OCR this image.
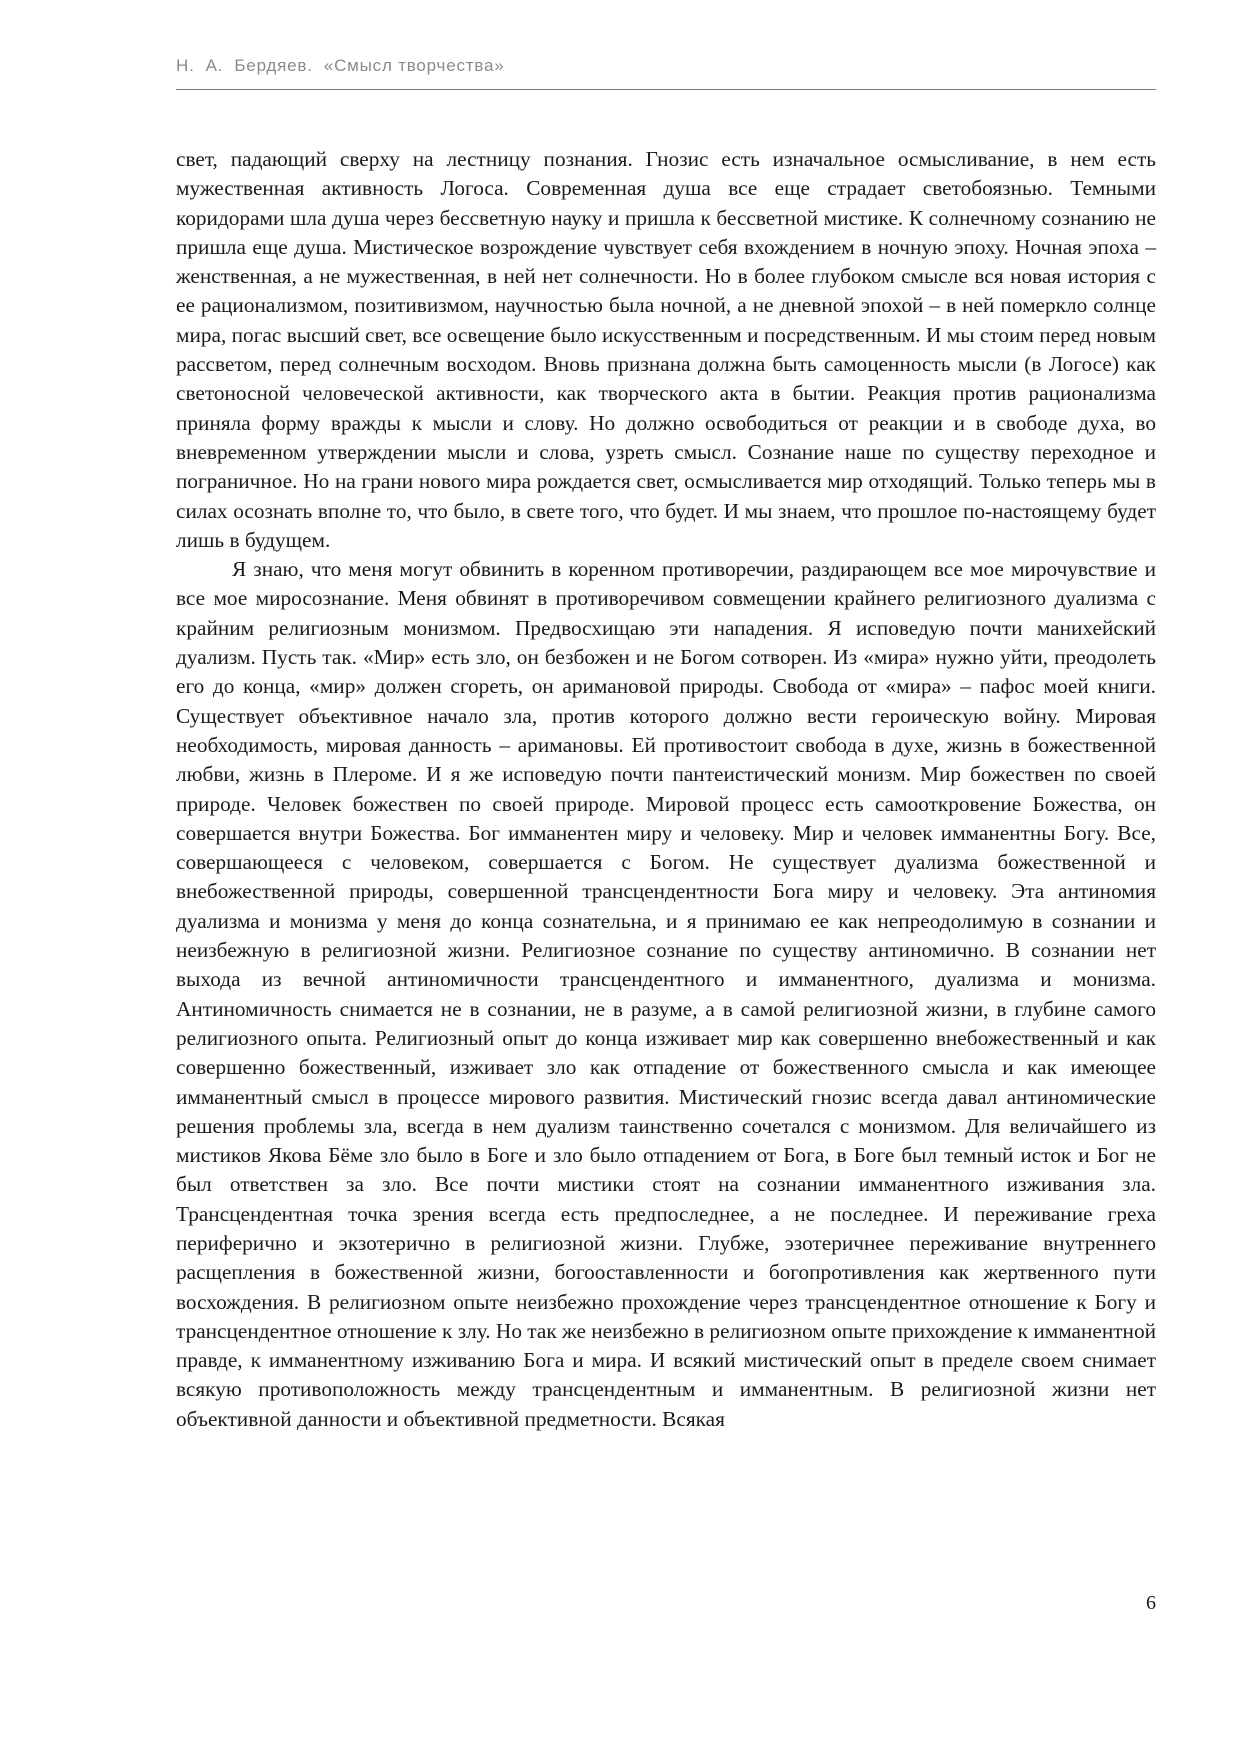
Н.  А.  Бердяев.  «Смысл творчества»

свет, падающий сверху на лестницу познания. Гнозис есть изначальное осмысливание, в нем есть мужественная активность Логоса. Современная душа все еще страдает светобоязнью. Темными коридорами шла душа через бессветную науку и пришла к бессветной мистике. К солнечному сознанию не пришла еще душа. Мистическое возрождение чувствует себя вхождением в ночную эпоху. Ночная эпоха – женственная, а не мужественная, в ней нет солнечности. Но в более глубоком смысле вся новая история с ее рационализмом, позитивизмом, научностью была ночной, а не дневной эпохой – в ней померкло солнце мира, погас высший свет, все освещение было искусственным и посредственным. И мы стоим перед новым рассветом, перед солнечным восходом. Вновь признана должна быть самоценность мысли (в Логосе) как светоносной человеческой активности, как творческого акта в бытии. Реакция против рационализма приняла форму вражды к мысли и слову. Но должно освободиться от реакции и в свободе духа, во вневременном утверждении мысли и слова, узреть смысл. Сознание наше по существу переходное и пограничное. Но на грани нового мира рождается свет, осмысливается мир отходящий. Только теперь мы в силах осознать вполне то, что было, в свете того, что будет. И мы знаем, что прошлое по-настоящему будет лишь в будущем.

Я знаю, что меня могут обвинить в коренном противоречии, раздирающем все мое мирочувствие и все мое миросознание. Меня обвинят в противоречивом совмещении крайнего религиозного дуализма с крайним религиозным монизмом. Предвосхищаю эти нападения. Я исповедую почти манихейский дуализм. Пусть так. «Мир» есть зло, он безбожен и не Богом сотворен. Из «мира» нужно уйти, преодолеть его до конца, «мир» должен сгореть, он аримановой природы. Свобода от «мира» – пафос моей книги. Существует объективное начало зла, против которого должно вести героическую войну. Мировая необходимость, мировая данность – аримановы. Ей противостоит свобода в духе, жизнь в божественной любви, жизнь в Плероме. И я же исповедую почти пантеистический монизм. Мир божествен по своей природе. Человек божествен по своей природе. Мировой процесс есть самооткровение Божества, он совершается внутри Божества. Бог имманентен миру и человеку. Мир и человек имманентны Богу. Все, совершающееся с человеком, совершается с Богом. Не существует дуализма божественной и внебожественной природы, совершенной трансцендентности Бога миру и человеку. Эта антиномия дуализма и монизма у меня до конца сознательна, и я принимаю ее как непреодолимую в сознании и неизбежную в религиозной жизни. Религиозное сознание по существу антиномично. В сознании нет выхода из вечной антиномичности трансцендентного и имманентного, дуализма и монизма. Антиномичность снимается не в сознании, не в разуме, а в самой религиозной жизни, в глубине самого религиозного опыта. Религиозный опыт до конца изживает мир как совершенно внебожественный и как совершенно божественный, изживает зло как отпадение от божественного смысла и как имеющее имманентный смысл в процессе мирового развития. Мистический гнозис всегда давал антиномические решения проблемы зла, всегда в нем дуализм таинственно сочетался с монизмом. Для величайшего из мистиков Якова Бёме зло было в Боге и зло было отпадением от Бога, в Боге был темный исток и Бог не был ответствен за зло. Все почти мистики стоят на сознании имманентного изживания зла. Трансцендентная точка зрения всегда есть предпоследнее, а не последнее. И переживание греха периферично и экзотерично в религиозной жизни. Глубже, эзотеричнее переживание внутреннего расщепления в божественной жизни, богооставленности и богопротивления как жертвенного пути восхождения. В религиозном опыте неизбежно прохождение через трансцендентное отношение к Богу и трансцендентное отношение к злу. Но так же неизбежно в религиозном опыте прихождение к имманентной правде, к имманентному изживанию Бога и мира. И всякий мистический опыт в пределе своем снимает всякую противоположность между трансцендентным и имманентным. В религиозной жизни нет объективной данности и объективной предметности. Всякая

6
